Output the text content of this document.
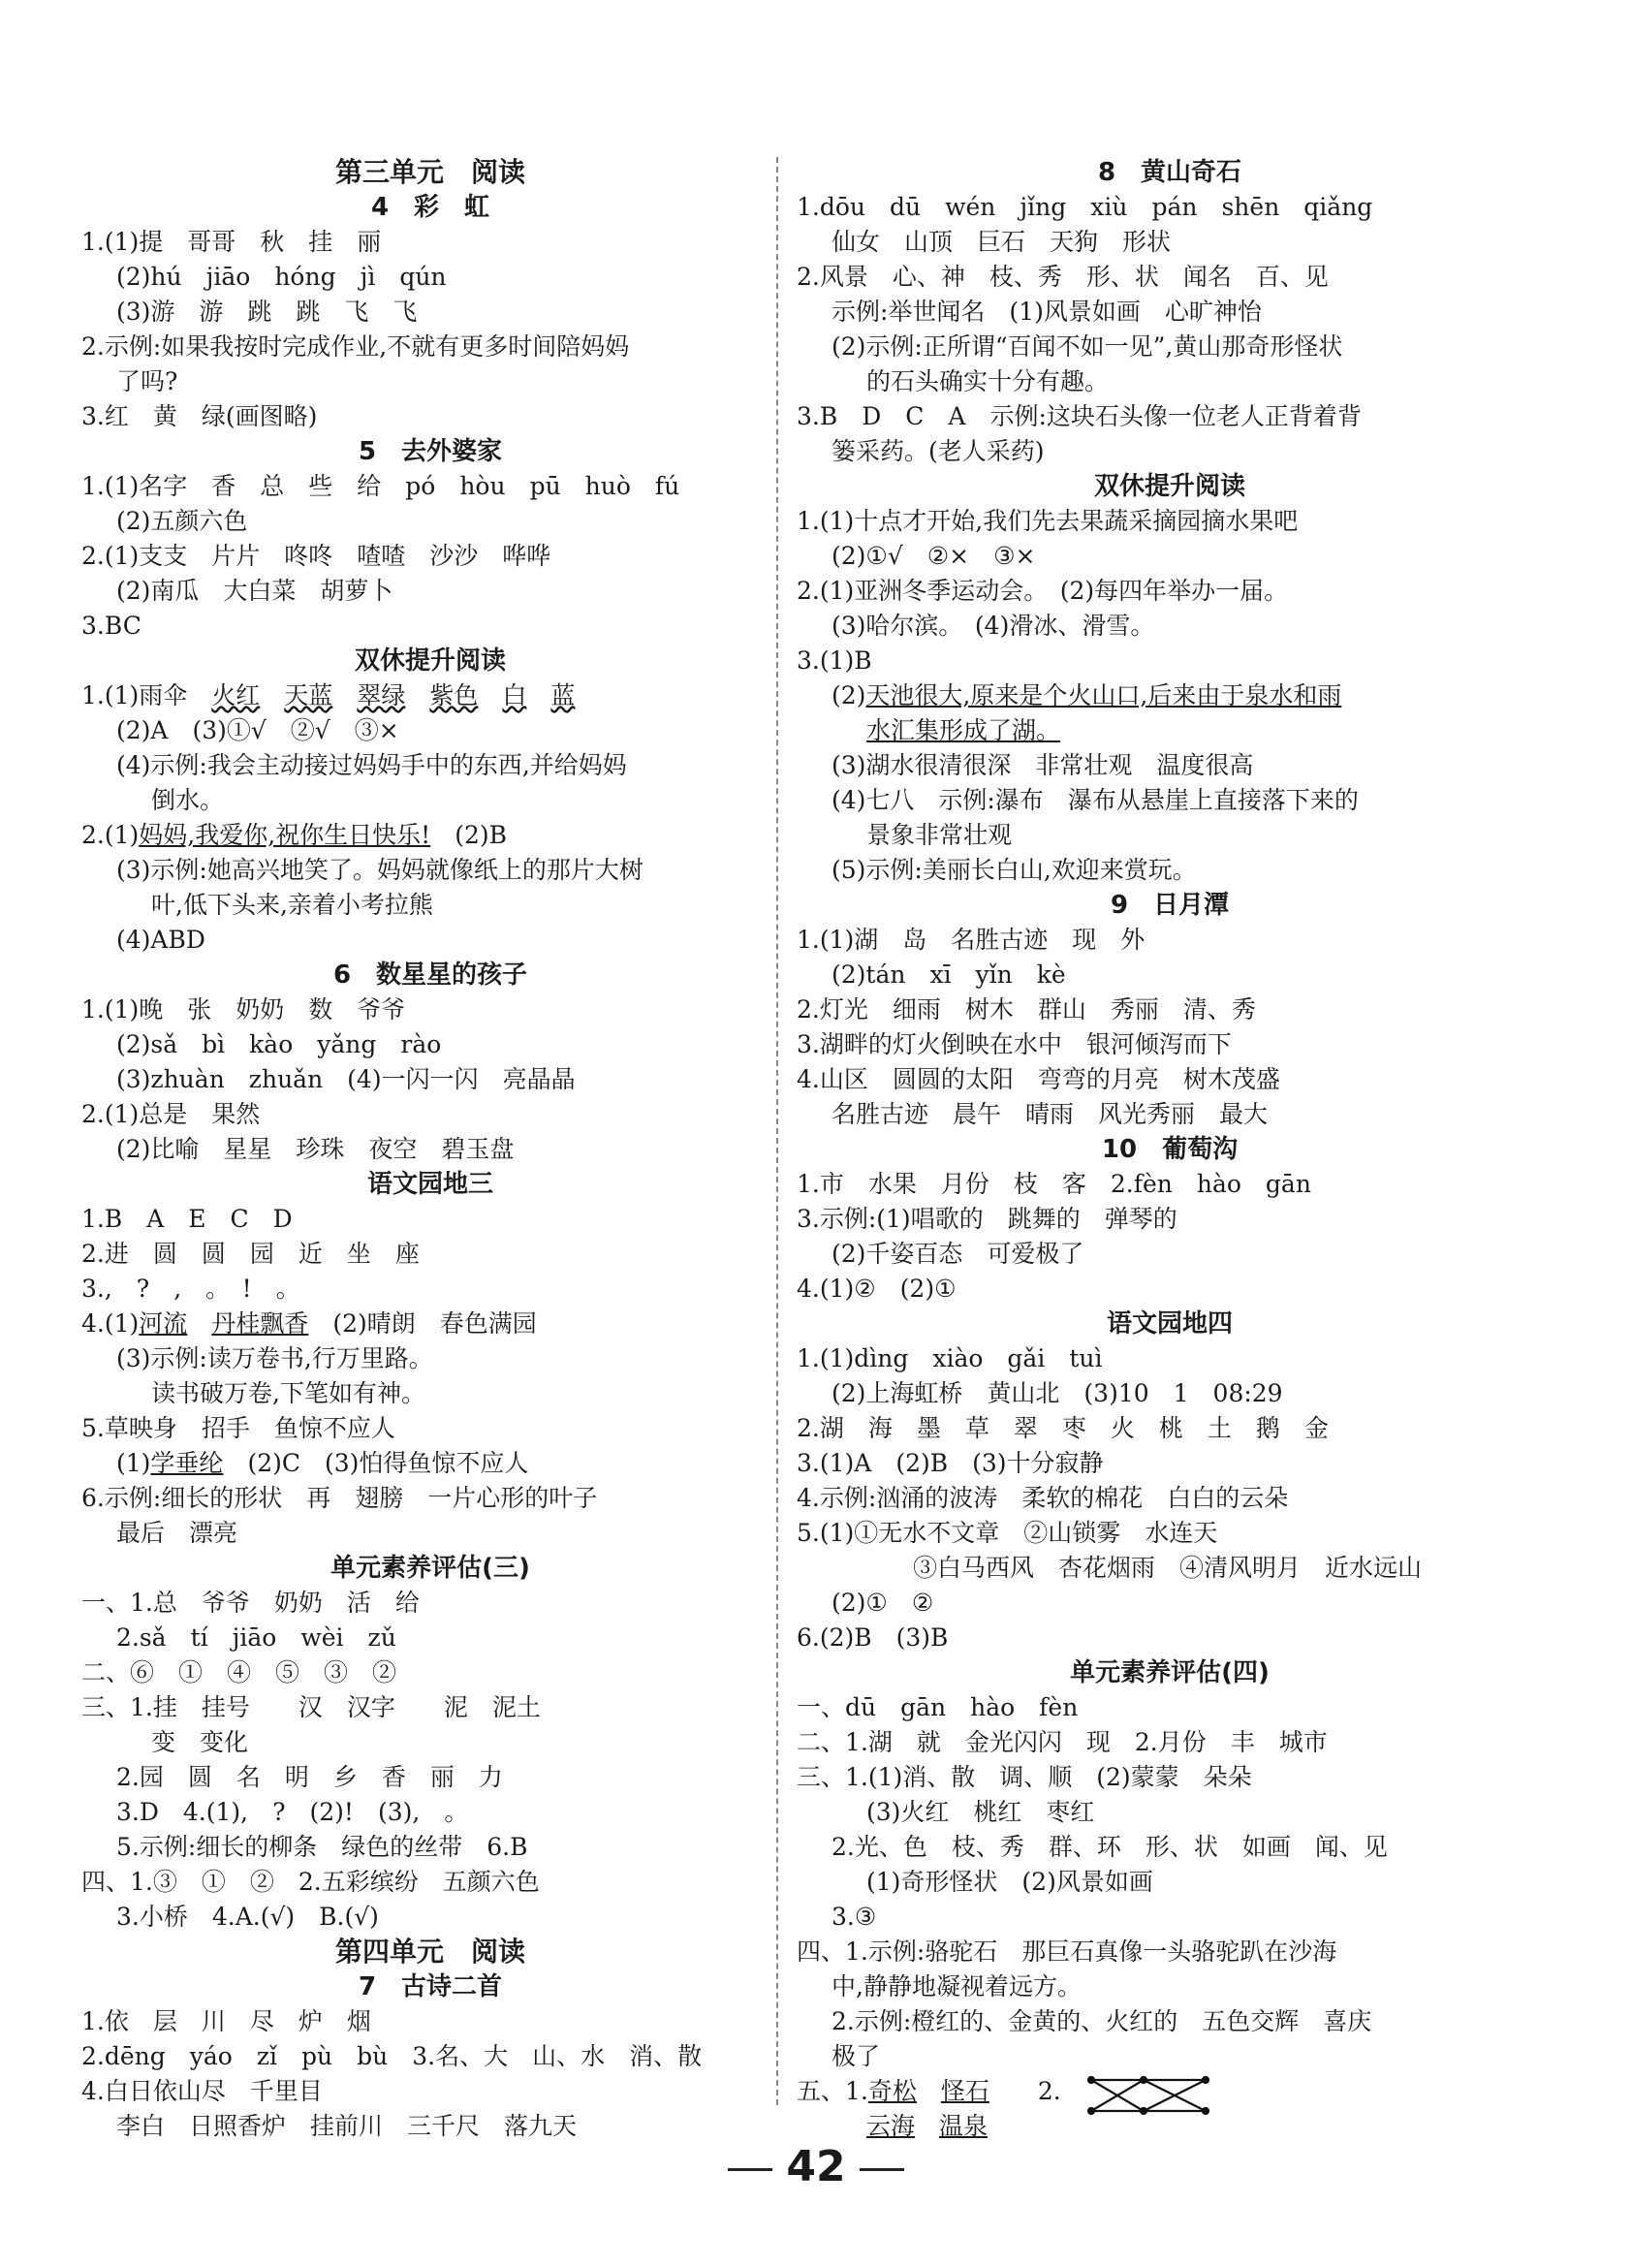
第三单元　阅读
4　彩　虹
1.(1)提　哥哥　秋　挂　丽
(2)hú　jiāo　hóng　jì　qún
(3)游　游　跳　跳　飞　飞
2.示例:如果我按时完成作业,不就有更多时间陪妈妈
了吗?
3.红　黄　绿(画图略)
5　去外婆家
1.(1)名字　香　总　些　给　pó　hòu　pū　huò　fú
(2)五颜六色
2.(1)支支　片片　咚咚　喳喳　沙沙　哗哗
(2)南瓜　大白菜　胡萝卜
3.BC
双休提升阅读
1.(1)雨伞　火红　 天蓝　 翠绿　 紫色　 白　 蓝
(2)A　(3)①√　②√　③×
(4)示例:我会主动接过妈妈手中的东西,并给妈妈
倒水。
2.(1)妈妈,我爱你,祝你生日快乐!　(2)B
(3)示例:她高兴地笑了。妈妈就像纸上的那片大树
叶,低下头来,亲着小考拉熊
(4)ABD
6　数星星的孩子
1.(1)晚　张　奶奶　数　爷爷
(2)sǎ　bì　kào　yǎng　rào
(3)zhuàn　zhuǎn　(4)一闪一闪　亮晶晶
2.(1)总是　果然
(2)比喻　星星　珍珠　夜空　碧玉盘
语文园地三
1.B　A　E　C　D
2.进　圆　圆　园　近　坐　座
3.,　?　,　。　!　。
4.(1)河流　 丹桂飘香　(2)晴朗　春色满园
(3)示例:读万卷书,行万里路。
读书破万卷,下笔如有神。
5.草映身　招手　鱼惊不应人
(1)学垂纶　(2)C　(3)怕得鱼惊不应人
6.示例:细长的形状　再　翅膀　一片心形的叶子
最后　漂亮
单元素养评估(三)
一、1.总　爷爷　奶奶　活　给
2.sǎ　tí　jiāo　wèi　zǔ
二、⑥　①　④　⑤　③　②
三、1.挂　挂号　　汉　汉字　　泥　泥土
变　变化
2.园　圆　名　明　乡　香　丽　力
3.D　4.(1),　?　(2)!　(3),　。
5.示例:细长的柳条　绿色的丝带　6.B
四、1.③　①　②　2.五彩缤纷　五颜六色
3.小桥　4.A.(√)　B.(√)
第四单元　阅读
7　古诗二首
1.依　层　川　尽　炉　烟
2.dēng　yáo　zǐ　pù　bù　3.名、大　山、水　消、散
4.白日依山尽　千里目
李白　日照香炉　挂前川　三千尺　落九天
8　黄山奇石
1.dōu　dū　wén　jǐng　xiù　pán　shēn　qiǎng
仙女　山顶　巨石　天狗　形状
2.风景　心、神　枝、秀　形、状　闻名　百、见
示例:举世闻名　(1)风景如画　心旷神怡
(2)示例:正所谓“百闻不如一见”,黄山那奇形怪状
的石头确实十分有趣。
3.B　D　C　A　示例:这块石头像一位老人正背着背
篓采药。(老人采药)
双休提升阅读
1.(1)十点才开始,我们先去果蔬采摘园摘水果吧
(2)①√　②×　③×
2.(1)亚洲冬季运动会。　(2)每四年举办一届。
(3)哈尔滨。　(4)滑冰、滑雪。
3.(1)B
(2)天池很大,原来是个火山口,后来由于泉水和雨
水汇集形成了湖。
(3)湖水很清很深　非常壮观　温度很高
(4)七八　示例:瀑布　瀑布从悬崖上直接落下来的
景象非常壮观
(5)示例:美丽长白山,欢迎来赏玩。
9　日月潭
1.(1)湖　岛　名胜古迹　现　外
(2)tán　xī　yǐn　kè
2.灯光　细雨　树木　群山　秀丽　清、秀
3.湖畔的灯火倒映在水中　银河倾泻而下
4.山区　圆圆的太阳　弯弯的月亮　树木茂盛
名胜古迹　晨午　晴雨　风光秀丽　最大
10　葡萄沟
1.市　水果　月份　枝　客　2.fèn　hào　gān
3.示例:(1)唱歌的　跳舞的　弹琴的
(2)千姿百态　可爱极了
4.(1)②　(2)①
语文园地四
1.(1)dìng　xiào　gǎi　tuì
(2)上海虹桥　黄山北　(3)10　1　08:29
2.湖　海　墨　草　翠　枣　火　桃　土　鹅　金
3.(1)A　(2)B　(3)十分寂静
4.示例:汹涌的波涛　柔软的棉花　白白的云朵
5.(1)①无水不文章　②山锁雾　水连天
③白马西风　杏花烟雨　④清风明月　近水远山
(2)①　②
6.(2)B　(3)B
单元素养评估(四)
一、dū　gān　hào　fèn
二、1.湖　就　金光闪闪　现　2.月份　丰　城市
三、1.(1)消、散　调、顺　(2)蒙蒙　朵朵
(3)火红　桃红　枣红
2.光、色　枝、秀　群、环　形、状　如画　闻、见
(1)奇形怪状　(2)风景如画
3.③
四、1.示例:骆驼石　那巨石真像一头骆驼趴在沙海
中,静静地凝视着远方。
2.示例:橙红的、金黄的、火红的　五色交辉　喜庆
极了
五、1.奇松　 怪石　　2.
云海　 温泉
42
